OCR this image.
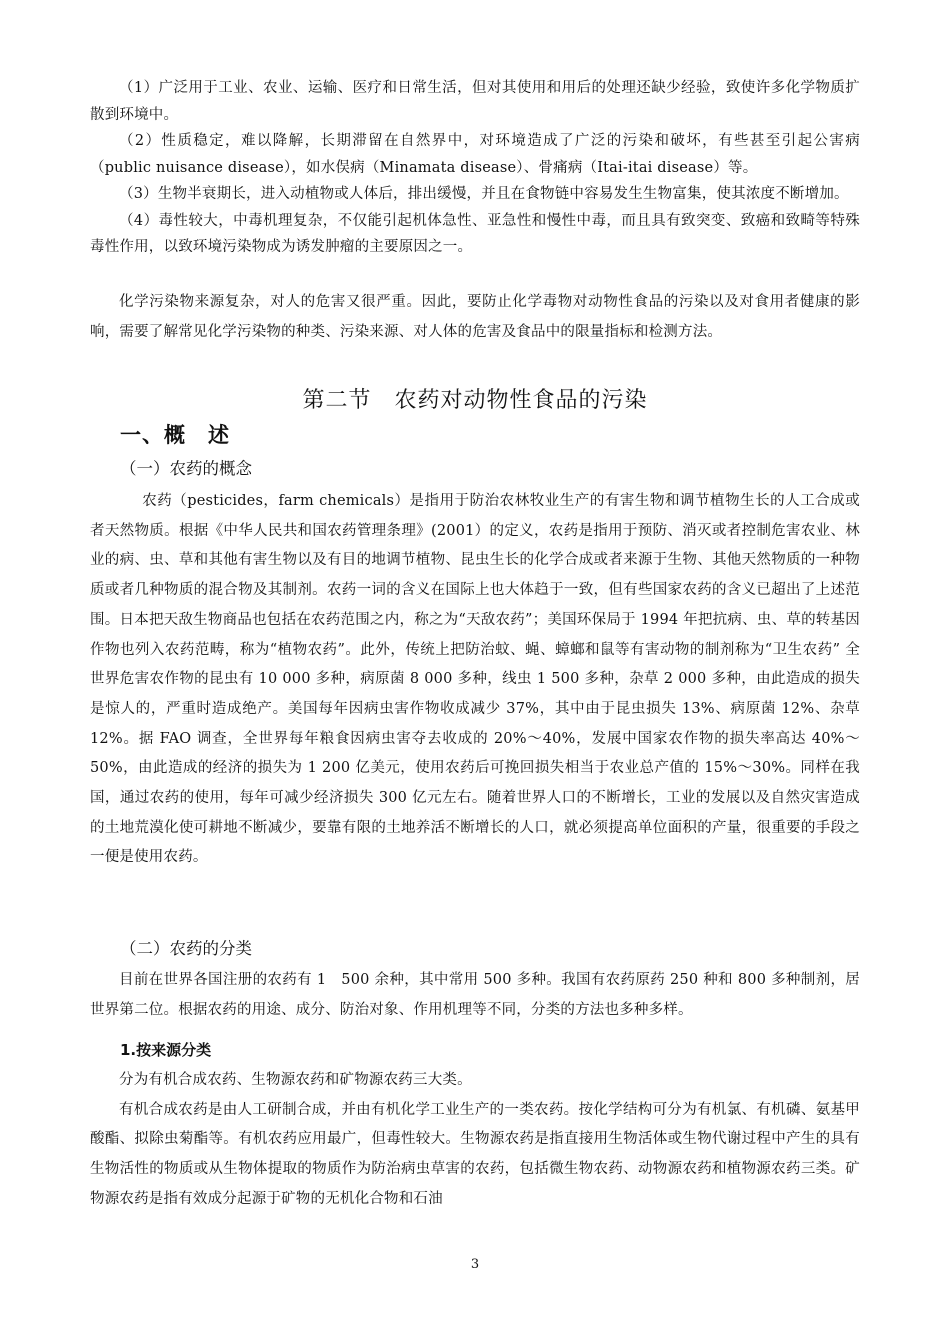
（1）广泛用于工业、农业、运输、医疗和日常生活，但对其使用和用后的处理还缺少经验，致使许多化学物质扩散到环境中。

（2）性质稳定，难以降解，长期滞留在自然界中，对环境造成了广泛的污染和破坏，有些甚至引起公害病（public nuisance disease），如水俣病（Minamata disease）、骨痛病（Itai-itai disease）等。

（3）生物半衰期长，进入动植物或人体后，排出缓慢，并且在食物链中容易发生生物富集，使其浓度不断增加。

（4）毒性较大，中毒机理复杂，不仅能引起机体急性、亚急性和慢性中毒，而且具有致突变、致癌和致畸等特殊毒性作用，以致环境污染物成为诱发肿瘤的主要原因之一。

化学污染物来源复杂，对人的危害又很严重。因此，要防止化学毒物对动物性食品的污染以及对食用者健康的影响，需要了解常见化学污染物的种类、污染来源、对人体的危害及食品中的限量指标和检测方法。

第二节　农药对动物性食品的污染
一、概　述
（一）农药的概念

农药（pesticides，farm chemicals）是指用于防治农林牧业生产的有害生物和调节植物生长的人工合成或者天然物质。根据《中华人民共和国农药管理条理》(2001）的定义，农药是指用于预防、消灭或者控制危害农业、林业的病、虫、草和其他有害生物以及有目的地调节植物、昆虫生长的化学合成或者来源于生物、其他天然物质的一种物质或者几种物质的混合物及其制剂。农药一词的含义在国际上也大体趋于一致，但有些国家农药的含义已超出了上述范围。日本把天敌生物商品也包括在农药范围之内，称之为“天敌农药”；美国环保局于 1994 年把抗病、虫、草的转基因作物也列入农药范畴，称为“植物农药”。此外，传统上把防治蚊、蝇、蟑螂和鼠等有害动物的制剂称为“卫生农药” 全世界危害农作物的昆虫有 10 000 多种，病原菌 8 000 多种，线虫 1 500 多种，杂草 2 000 多种，由此造成的损失是惊人的，严重时造成绝产。美国每年因病虫害作物收成减少 37%，其中由于昆虫损失 13%、病原菌 12%、杂草 12%。据 FAO 调查，全世界每年粮食因病虫害夺去收成的 20%～40%，发展中国家农作物的损失率高达 40%～50%，由此造成的经济的损失为 1 200 亿美元，使用农药后可挽回损失相当于农业总产值的 15%～30%。同样在我国，通过农药的使用，每年可减少经济损失 300 亿元左右。随着世界人口的不断增长，工业的发展以及自然灾害造成的土地荒漠化使可耕地不断减少，要靠有限的土地养活不断增长的人口，就必须提高单位面积的产量，很重要的手段之一便是使用农药。

（二）农药的分类

目前在世界各国注册的农药有 1　500 余种，其中常用 500 多种。我国有农药原药 250 种和 800 多种制剂，居世界第二位。根据农药的用途、成分、防治对象、作用机理等不同，分类的方法也多种多样。

1.按来源分类

分为有机合成农药、生物源农药和矿物源农药三大类。

有机合成农药是由人工研制合成，并由有机化学工业生产的一类农药。按化学结构可分为有机氯、有机磷、氨基甲酸酯、拟除虫菊酯等。有机农药应用最广，但毒性较大。生物源农药是指直接用生物活体或生物代谢过程中产生的具有生物活性的物质或从生物体提取的物质作为防治病虫草害的农药，包括微生物农药、动物源农药和植物源农药三类。矿物源农药是指有效成分起源于矿物的无机化合物和石油

3
